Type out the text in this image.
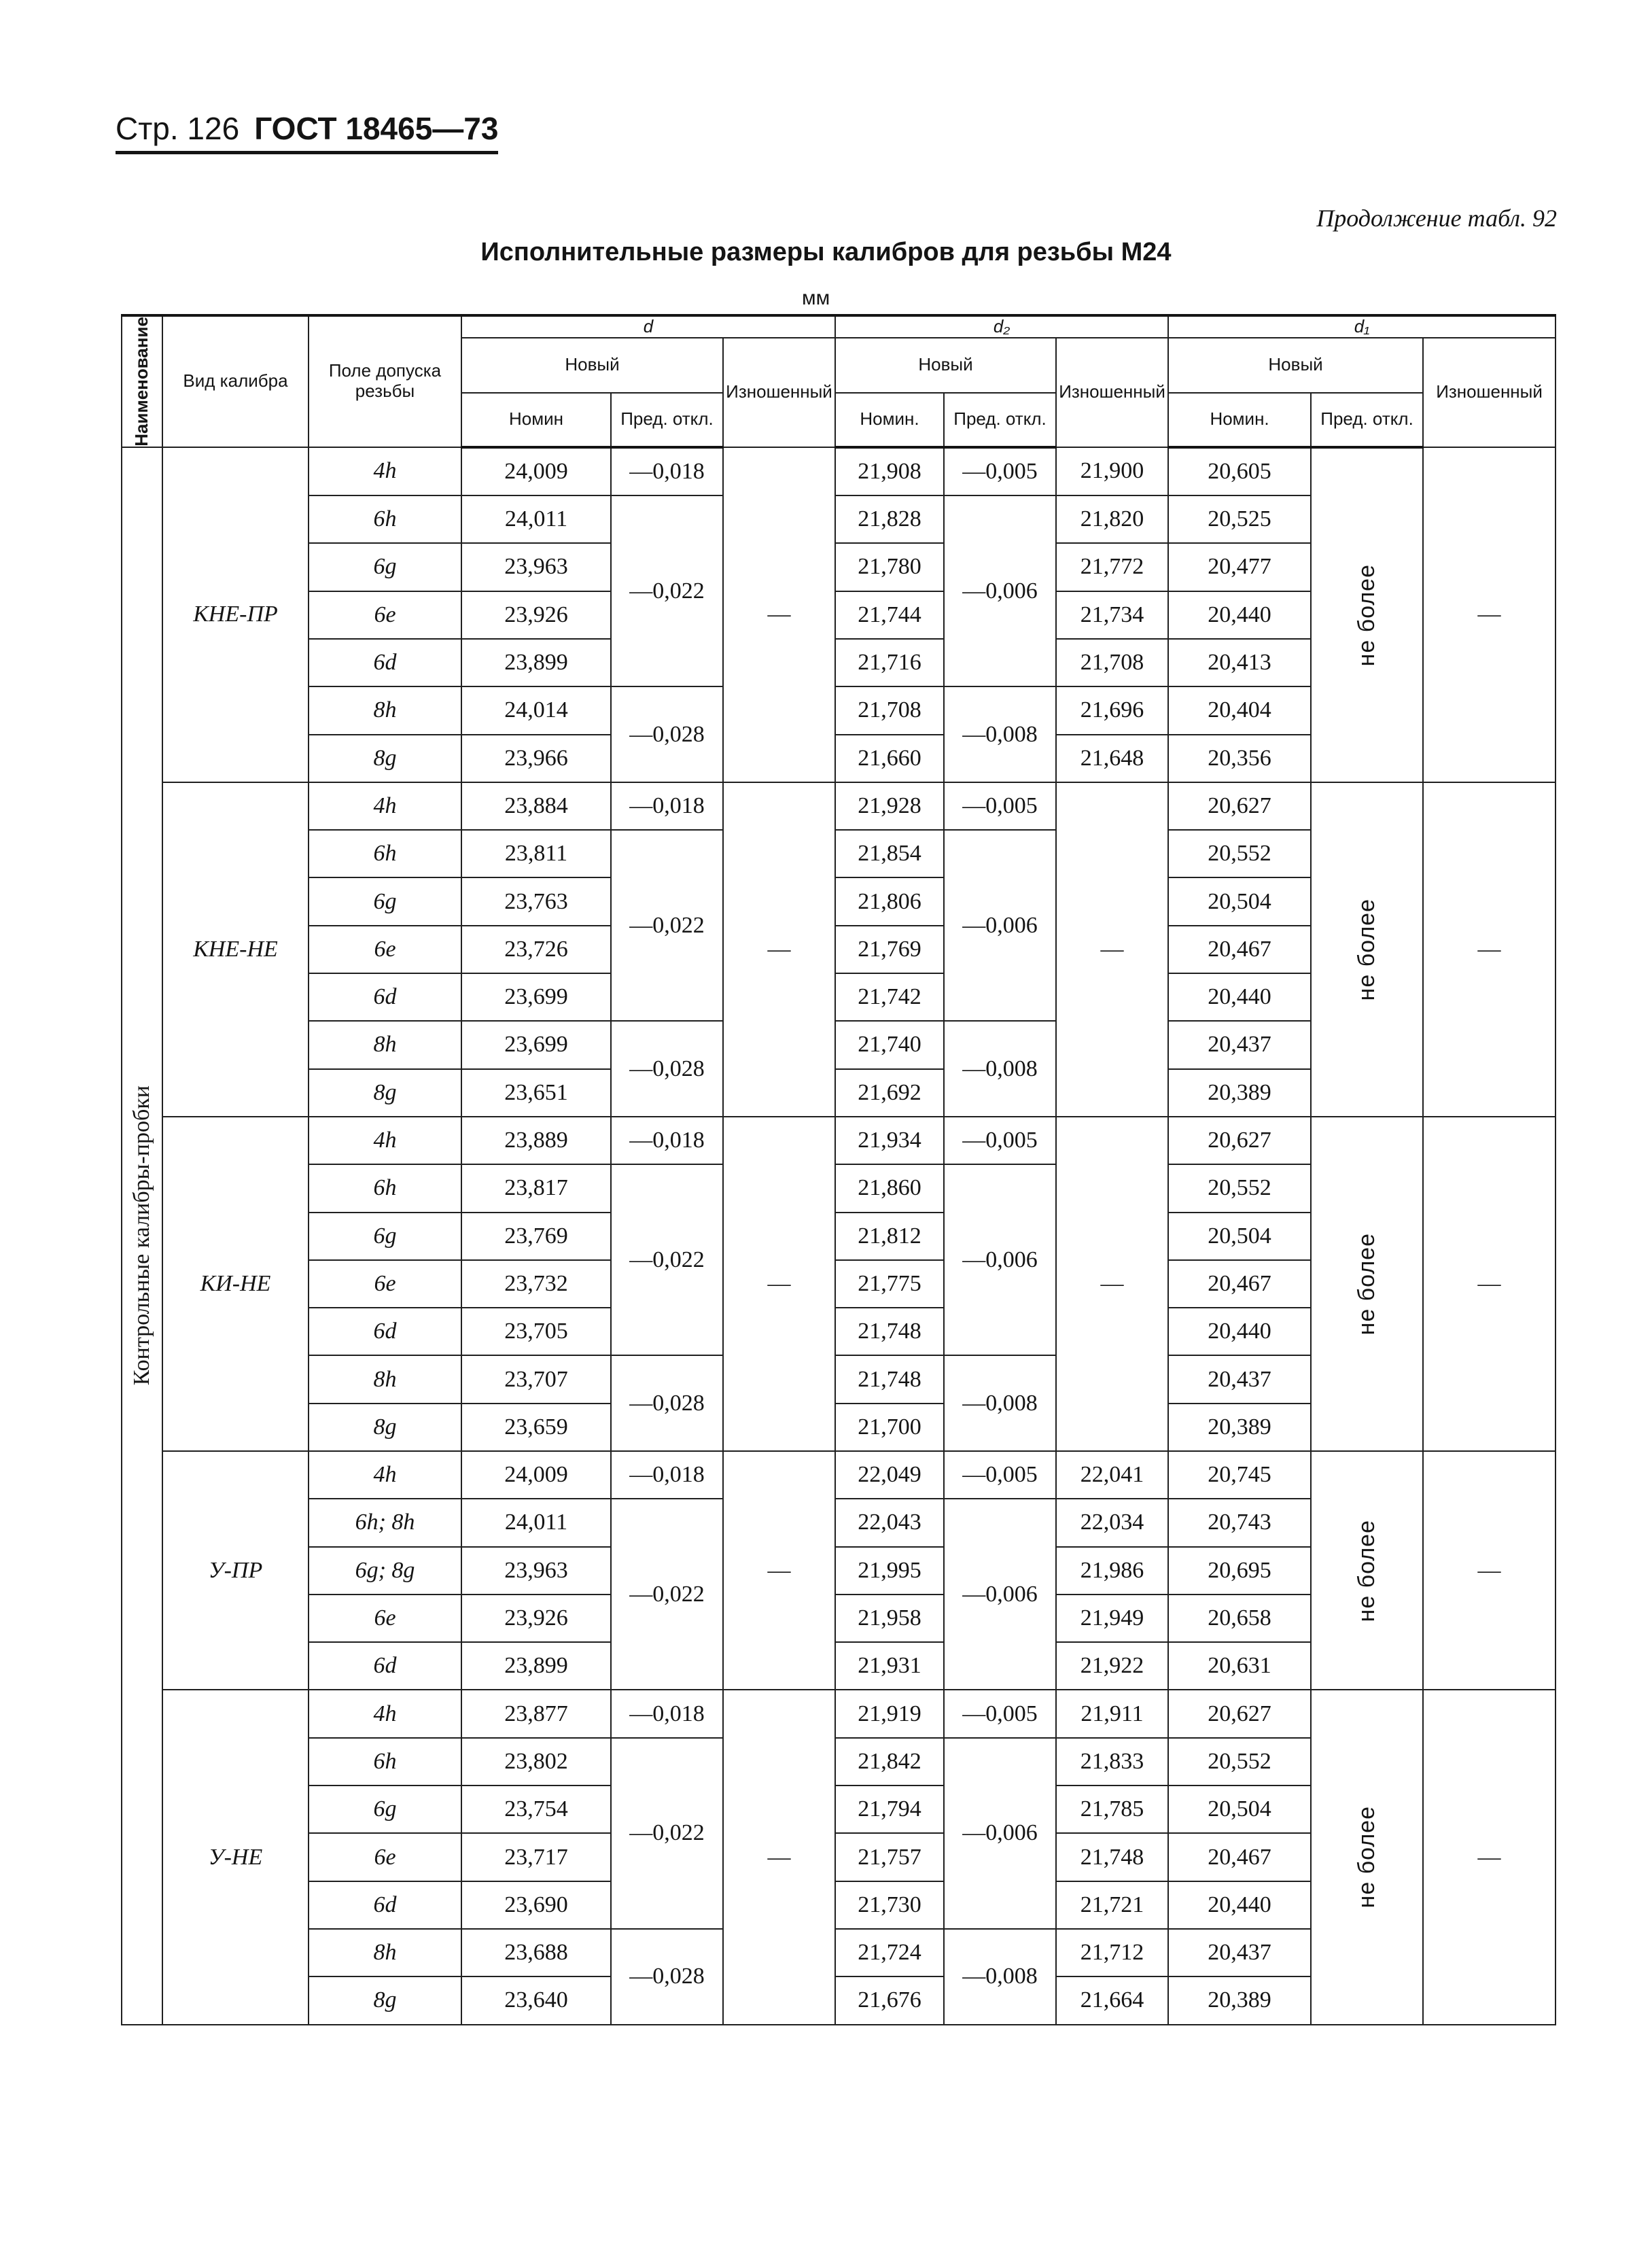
Стр. 126 ГОСТ 18465—73
Продолжение табл. 92
Исполнительные размеры калибров для резьбы М24
мм
Наименование	Вид калибра	Поле допуска резьбы	d			d₂			d₁		
			Новый		Изношенный	Новый		Изношенный	Новый		Изношенный
			Номин	Пред. откл.		Номин.	Пред. откл.		Номин.	Пред. откл.	

Контрольные калибры-пробки	КНЕ-ПР	4h	24,009	—0,018	—	21,908	—0,005	21,900	20,605	не более	—
		6h	24,011	—0,022		21,828	—0,006	21,820	20,525		
		6g	23,963			21,780		21,772	20,477		
		6e	23,926			21,744		21,734	20,440		
		6d	23,899			21,716		21,708	20,413		
		8h	24,014	—0,028		21,708	—0,008	21,696	20,404		
		8g	23,966			21,660		21,648	20,356		
	КНЕ-НЕ	4h	23,884	—0,018	—	21,928	—0,005	—	20,627	не более	—
		6h	23,811	—0,022		21,854	—0,006		20,552		
		6g	23,763			21,806			20,504		
		6e	23,726			21,769			20,467		
		6d	23,699			21,742			20,440		
		8h	23,699	—0,028		21,740	—0,008		20,437		
		8g	23,651			21,692			20,389		
	КИ-НЕ	4h	23,889	—0,018	—	21,934	—0,005	—	20,627	не более	—
		6h	23,817	—0,022		21,860	—0,006		20,552		
		6g	23,769			21,812			20,504		
		6e	23,732			21,775			20,467		
		6d	23,705			21,748			20,440		
		8h	23,707	—0,028		21,748	—0,008		20,437		
		8g	23,659			21,700			20,389		
	У-ПР	4h	24,009	—0,018	—	22,049	—0,005	22,041	20,745	не более	—
		6h; 8h	24,011	—0,022		22,043	—0,006	22,034	20,743		
		6g; 8g	23,963			21,995		21,986	20,695		
		6e	23,926			21,958		21,949	20,658		
		6d	23,899			21,931		21,922	20,631		
	У-НЕ	4h	23,877	—0,018	—	21,919	—0,005	21,911	20,627	не более	—
		6h	23,802	—0,022		21,842	—0,006	21,833	20,552		
		6g	23,754			21,794		21,785	20,504		
		6e	23,717			21,757		21,748	20,467		
		6d	23,690			21,730		21,721	20,440		
		8h	23,688	—0,028		21,724	—0,008	21,712	20,437		
		8g	23,640			21,676		21,664	20,389		
